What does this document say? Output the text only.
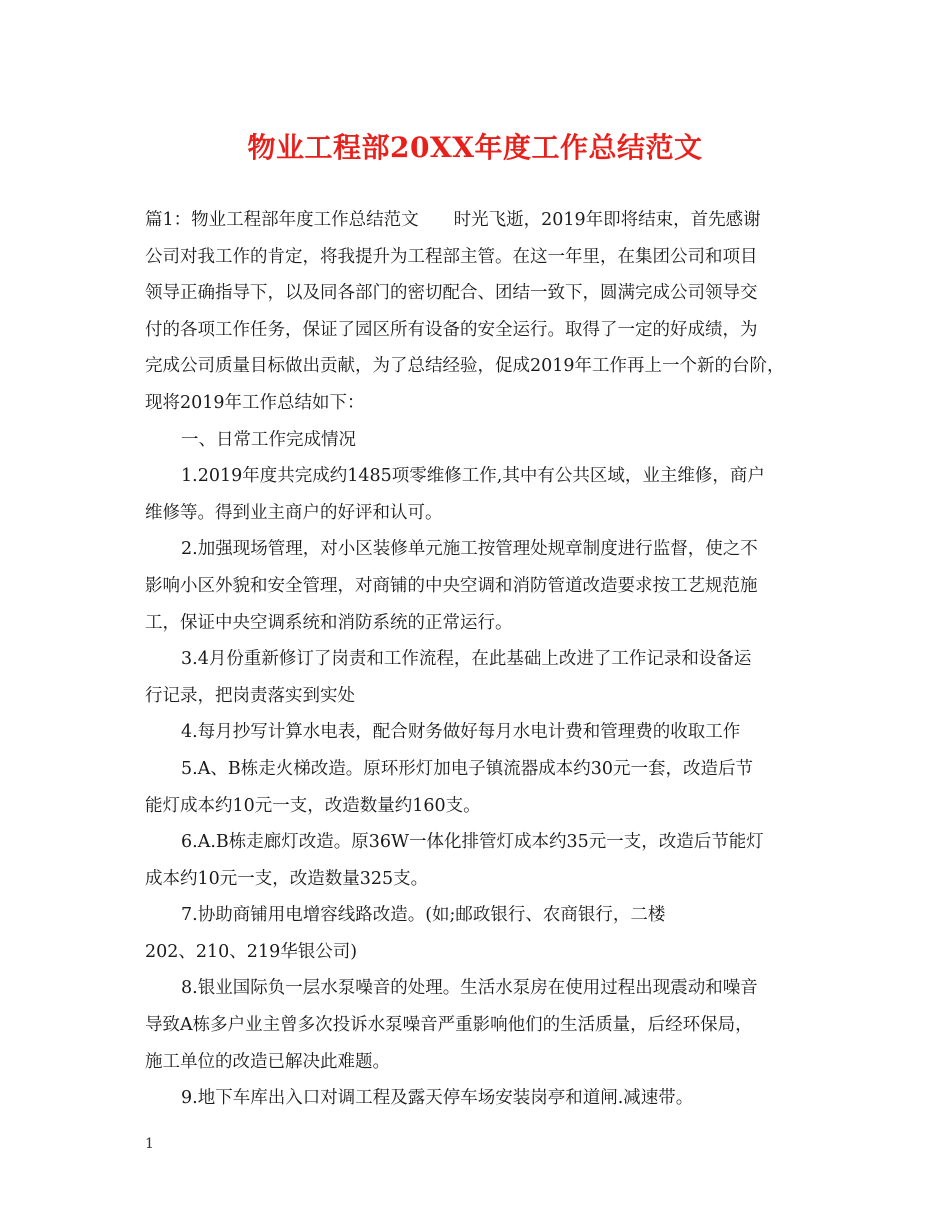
物业工程部20XX年度工作总结范文
篇1：物业工程部年度工作总结范文　　时光飞逝，2019年即将结束，首先感谢
公司对我工作的肯定，将我提升为工程部主管。在这一年里，在集团公司和项目
领导正确指导下，以及同各部门的密切配合、团结一致下，圆满完成公司领导交
付的各项工作任务，保证了园区所有设备的安全运行。取得了一定的好成绩，为
完成公司质量目标做出贡献，为了总结经验，促成2019年工作再上一个新的台阶，
现将2019年工作总结如下：
一、日常工作完成情况
1.2019年度共完成约1485项零维修工作,其中有公共区域，业主维修，商户
维修等。得到业主商户的好评和认可。
2.加强现场管理，对小区装修单元施工按管理处规章制度进行监督，使之不
影响小区外貌和安全管理，对商铺的中央空调和消防管道改造要求按工艺规范施
工，保证中央空调系统和消防系统的正常运行。
3.4月份重新修订了岗责和工作流程，在此基础上改进了工作记录和设备运
行记录，把岗责落实到实处
4.每月抄写计算水电表，配合财务做好每月水电计费和管理费的收取工作
5.A、B栋走火梯改造。原环形灯加电子镇流器成本约30元一套，改造后节
能灯成本约10元一支，改造数量约160支。
6.A.B栋走廊灯改造。原36W一体化排管灯成本约35元一支，改造后节能灯
成本约10元一支，改造数量325支。
7.协助商铺用电增容线路改造。(如;邮政银行、农商银行，二楼
202、210、219华银公司)
8.银业国际负一层水泵噪音的处理。生活水泵房在使用过程出现震动和噪音
导致A栋多户业主曾多次投诉水泵噪音严重影响他们的生活质量，后经环保局，
施工单位的改造已解决此难题。
9.地下车库出入口对调工程及露天停车场安装岗亭和道闸.减速带。
1
